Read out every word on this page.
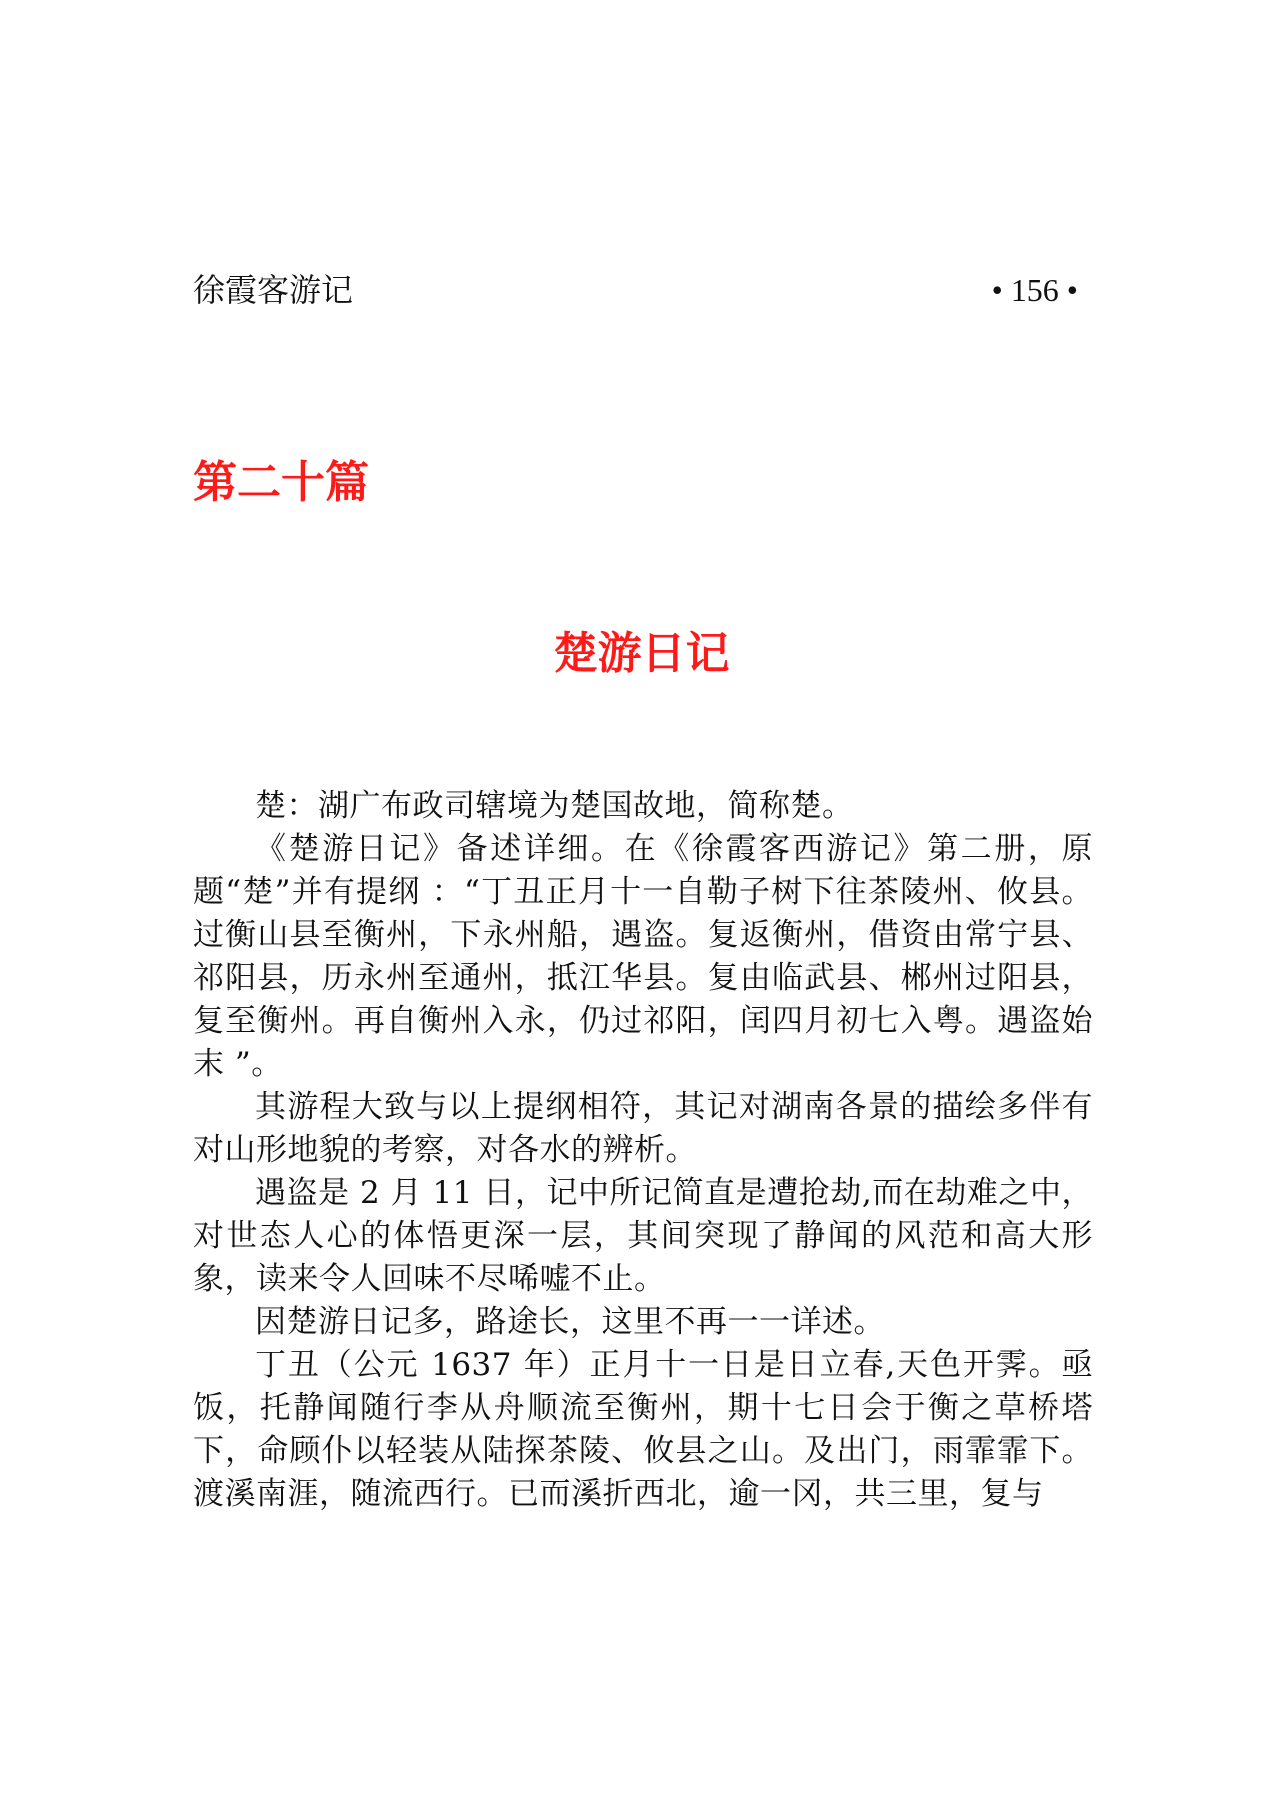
徐霞客游记	• 156 •
第二十篇
楚游日记

楚：湖广布政司辖境为楚国故地，简称楚。

《楚游日记》备述详细。在《徐霞客西游记》第二册，原题“楚”并有提纲 ：“丁丑正月十一自勒子树下往茶陵州、攸县。过衡山县至衡州，下永州船，遇盗。复返衡州，借资由常宁县、祁阳县，历永州至通州，抵江华县。复由临武县、郴州过阳县，复至衡州。再自衡州入永，仍过祁阳，闰四月初七入粤。遇盗始末 ”。

其游程大致与以上提纲相符，其记对湖南各景的描绘多伴有对山形地貌的考察，对各水的辨析。

遇盗是 2 月 11 日，记中所记简直是遭抢劫,而在劫难之中，对世态人心的体悟更深一层，其间突现了静闻的风范和高大形象，读来令人回味不尽唏嘘不止。

因楚游日记多，路途长，这里不再一一详述。

丁丑（公元 1637 年）正月十一日是日立春,天色开霁。亟饭，托静闻随行李从舟顺流至衡州，期十七日会于衡之草桥塔下，命顾仆以轻装从陆探茶陵、攸县之山。及出门，雨霏霏下。渡溪南涯，随流西行。已而溪折西北，逾一冈，共三里，复与
